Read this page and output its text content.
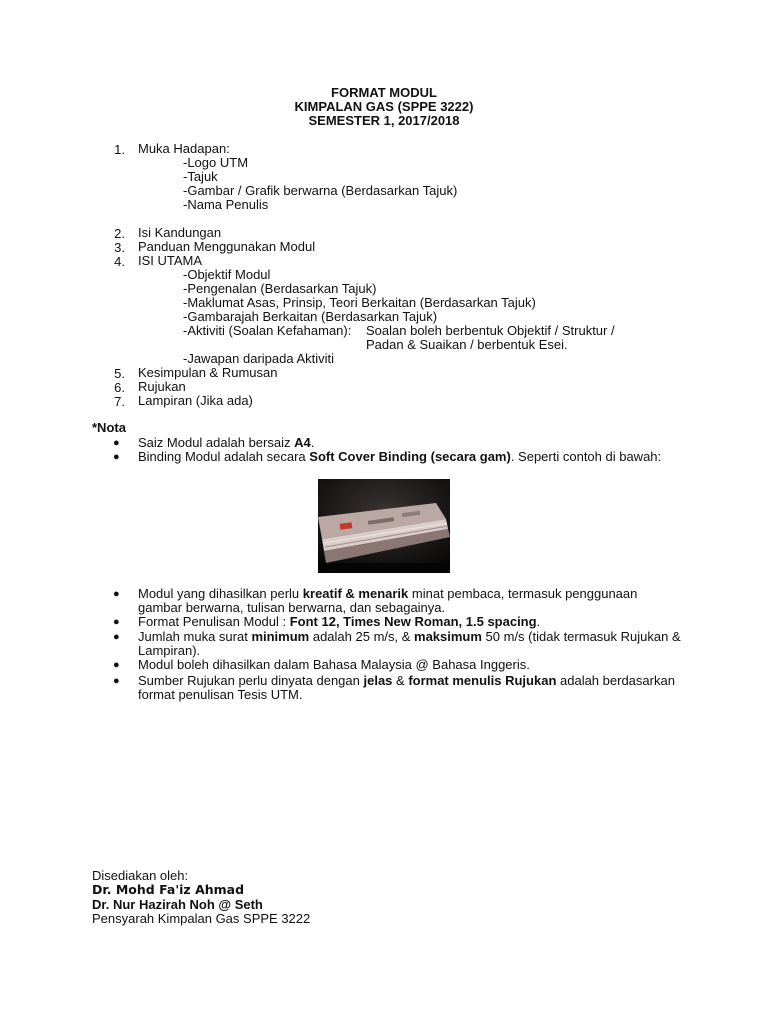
FORMAT MODUL
KIMPALAN GAS (SPPE 3222)
SEMESTER 1, 2017/2018
1. Muka Hadapan:
-Logo UTM
-Tajuk
-Gambar / Grafik berwarna (Berdasarkan Tajuk)
-Nama Penulis
2. Isi Kandungan
3. Panduan Menggunakan Modul
4. ISI UTAMA
-Objektif Modul
-Pengenalan (Berdasarkan Tajuk)
-Maklumat Asas, Prinsip, Teori Berkaitan (Berdasarkan Tajuk)
-Gambarajah Berkaitan (Berdasarkan Tajuk)
-Aktiviti (Soalan Kefahaman): Soalan boleh berbentuk Objektif / Struktur /
Padan & Suaikan / berbentuk Esei.
-Jawapan daripada Aktiviti
5. Kesimpulan & Rumusan
6. Rujukan
7. Lampiran (Jika ada)
*Nota
● Saiz Modul adalah bersaiz A4.
● Binding Modul adalah secara Soft Cover Binding (secara gam). Seperti contoh di bawah:
● Modul yang dihasilkan perlu kreatif & menarik minat pembaca, termasuk penggunaan
gambar berwarna, tulisan berwarna, dan sebagainya.
● Format Penulisan Modul : Font 12, Times New Roman, 1.5 spacing.
● Jumlah muka surat minimum adalah 25 m/s, & maksimum 50 m/s (tidak termasuk Rujukan &
Lampiran).
● Modul boleh dihasilkan dalam Bahasa Malaysia @ Bahasa Inggeris.
● Sumber Rujukan perlu dinyata dengan jelas & format menulis Rujukan adalah berdasarkan
format penulisan Tesis UTM.
Disediakan oleh:
Dr. Mohd Fa'iz Ahmad
Dr. Nur Hazirah Noh @ Seth
Pensyarah Kimpalan Gas SPPE 3222
